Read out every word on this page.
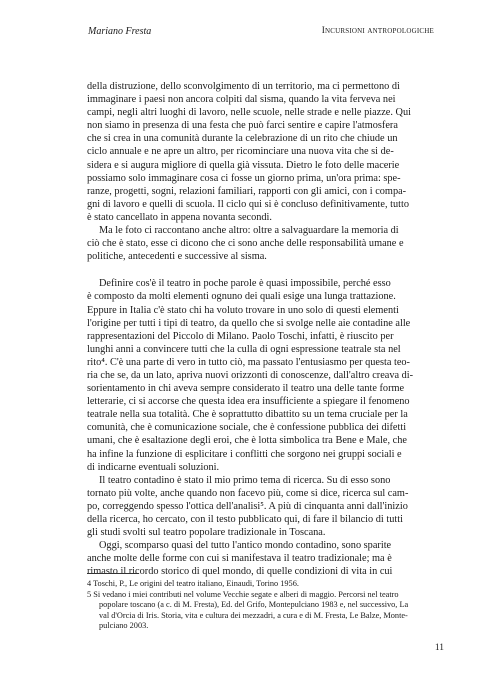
Mariano Fresta	Incursioni antropologiche
della distruzione, dello sconvolgimento di un territorio, ma ci permettono di
immaginare i paesi non ancora colpiti dal sisma, quando la vita ferveva nei
campi, negli altri luoghi di lavoro, nelle scuole, nelle strade e nelle piazze. Qui
non siamo in presenza di una festa che può farci sentire e capire l'atmosfera
che si crea in una comunità durante la celebrazione di un rito che chiude un
ciclo annuale e ne apre un altro, per ricominciare una nuova vita che si de-
sidera e si augura migliore di quella già vissuta. Dietro le foto delle macerie
possiamo solo immaginare cosa ci fosse un giorno prima, un'ora prima: spe-
ranze, progetti, sogni, relazioni familiari, rapporti con gli amici, con i compa-
gni di lavoro e quelli di scuola. Il ciclo qui si è concluso definitivamente, tutto
è stato cancellato in appena novanta secondi.
Ma le foto ci raccontano anche altro: oltre a salvaguardare la memoria di
ciò che è stato, esse ci dicono che ci sono anche delle responsabilità umane e
politiche, antecedenti e successive al sisma.
Definire cos'è il teatro in poche parole è quasi impossibile, perché esso
è composto da molti elementi ognuno dei quali esige una lunga trattazione.
Eppure in Italia c'è stato chi ha voluto trovare in uno solo di questi elementi
l'origine per tutti i tipi di teatro, da quello che si svolge nelle aie contadine alle
rappresentazioni del Piccolo di Milano. Paolo Toschi, infatti, è riuscito per
lunghi anni a convincere tutti che la culla di ogni espressione teatrale sta nel
rito⁴. C'è una parte di vero in tutto ciò, ma passato l'entusiasmo per questa teo-
ria che se, da un lato, apriva nuovi orizzonti di conoscenze, dall'altro creava di-
sorientamento in chi aveva sempre considerato il teatro una delle tante forme
letterarie, ci si accorse che questa idea era insufficiente a spiegare il fenomeno
teatrale nella sua totalità. Che è soprattutto dibattito su un tema cruciale per la
comunità, che è comunicazione sociale, che è confessione pubblica dei difetti
umani, che è esaltazione degli eroi, che è lotta simbolica tra Bene e Male, che
ha infine la funzione di esplicitare i conflitti che sorgono nei gruppi sociali e
di indicarne eventuali soluzioni.
Il teatro contadino è stato il mio primo tema di ricerca. Su di esso sono
tornato più volte, anche quando non facevo più, come si dice, ricerca sul cam-
po, correggendo spesso l'ottica dell'analisi⁵. A più di cinquanta anni dall'inizio
della ricerca, ho cercato, con il testo pubblicato qui, di fare il bilancio di tutti
gli studi svolti sul teatro popolare tradizionale in Toscana.
Oggi, scomparso quasi del tutto l'antico mondo contadino, sono sparite
anche molte delle forme con cui si manifestava il teatro tradizionale; ma è
rimasto il ricordo storico di quel mondo, di quelle condizioni di vita in cui
4 Toschi, P., Le origini del teatro italiano, Einaudi, Torino 1956.
5 Si vedano i miei contributi nel volume Vecchie segate e alberi di maggio. Percorsi nel teatro
popolare toscano (a c. di M. Fresta), Ed. del Grifo, Montepulciano 1983 e, nel successivo, La
val d'Orcia di Iris. Storia, vita e cultura dei mezzadri, a cura e di M. Fresta, Le Balze, Monte-
pulciano 2003.
11
